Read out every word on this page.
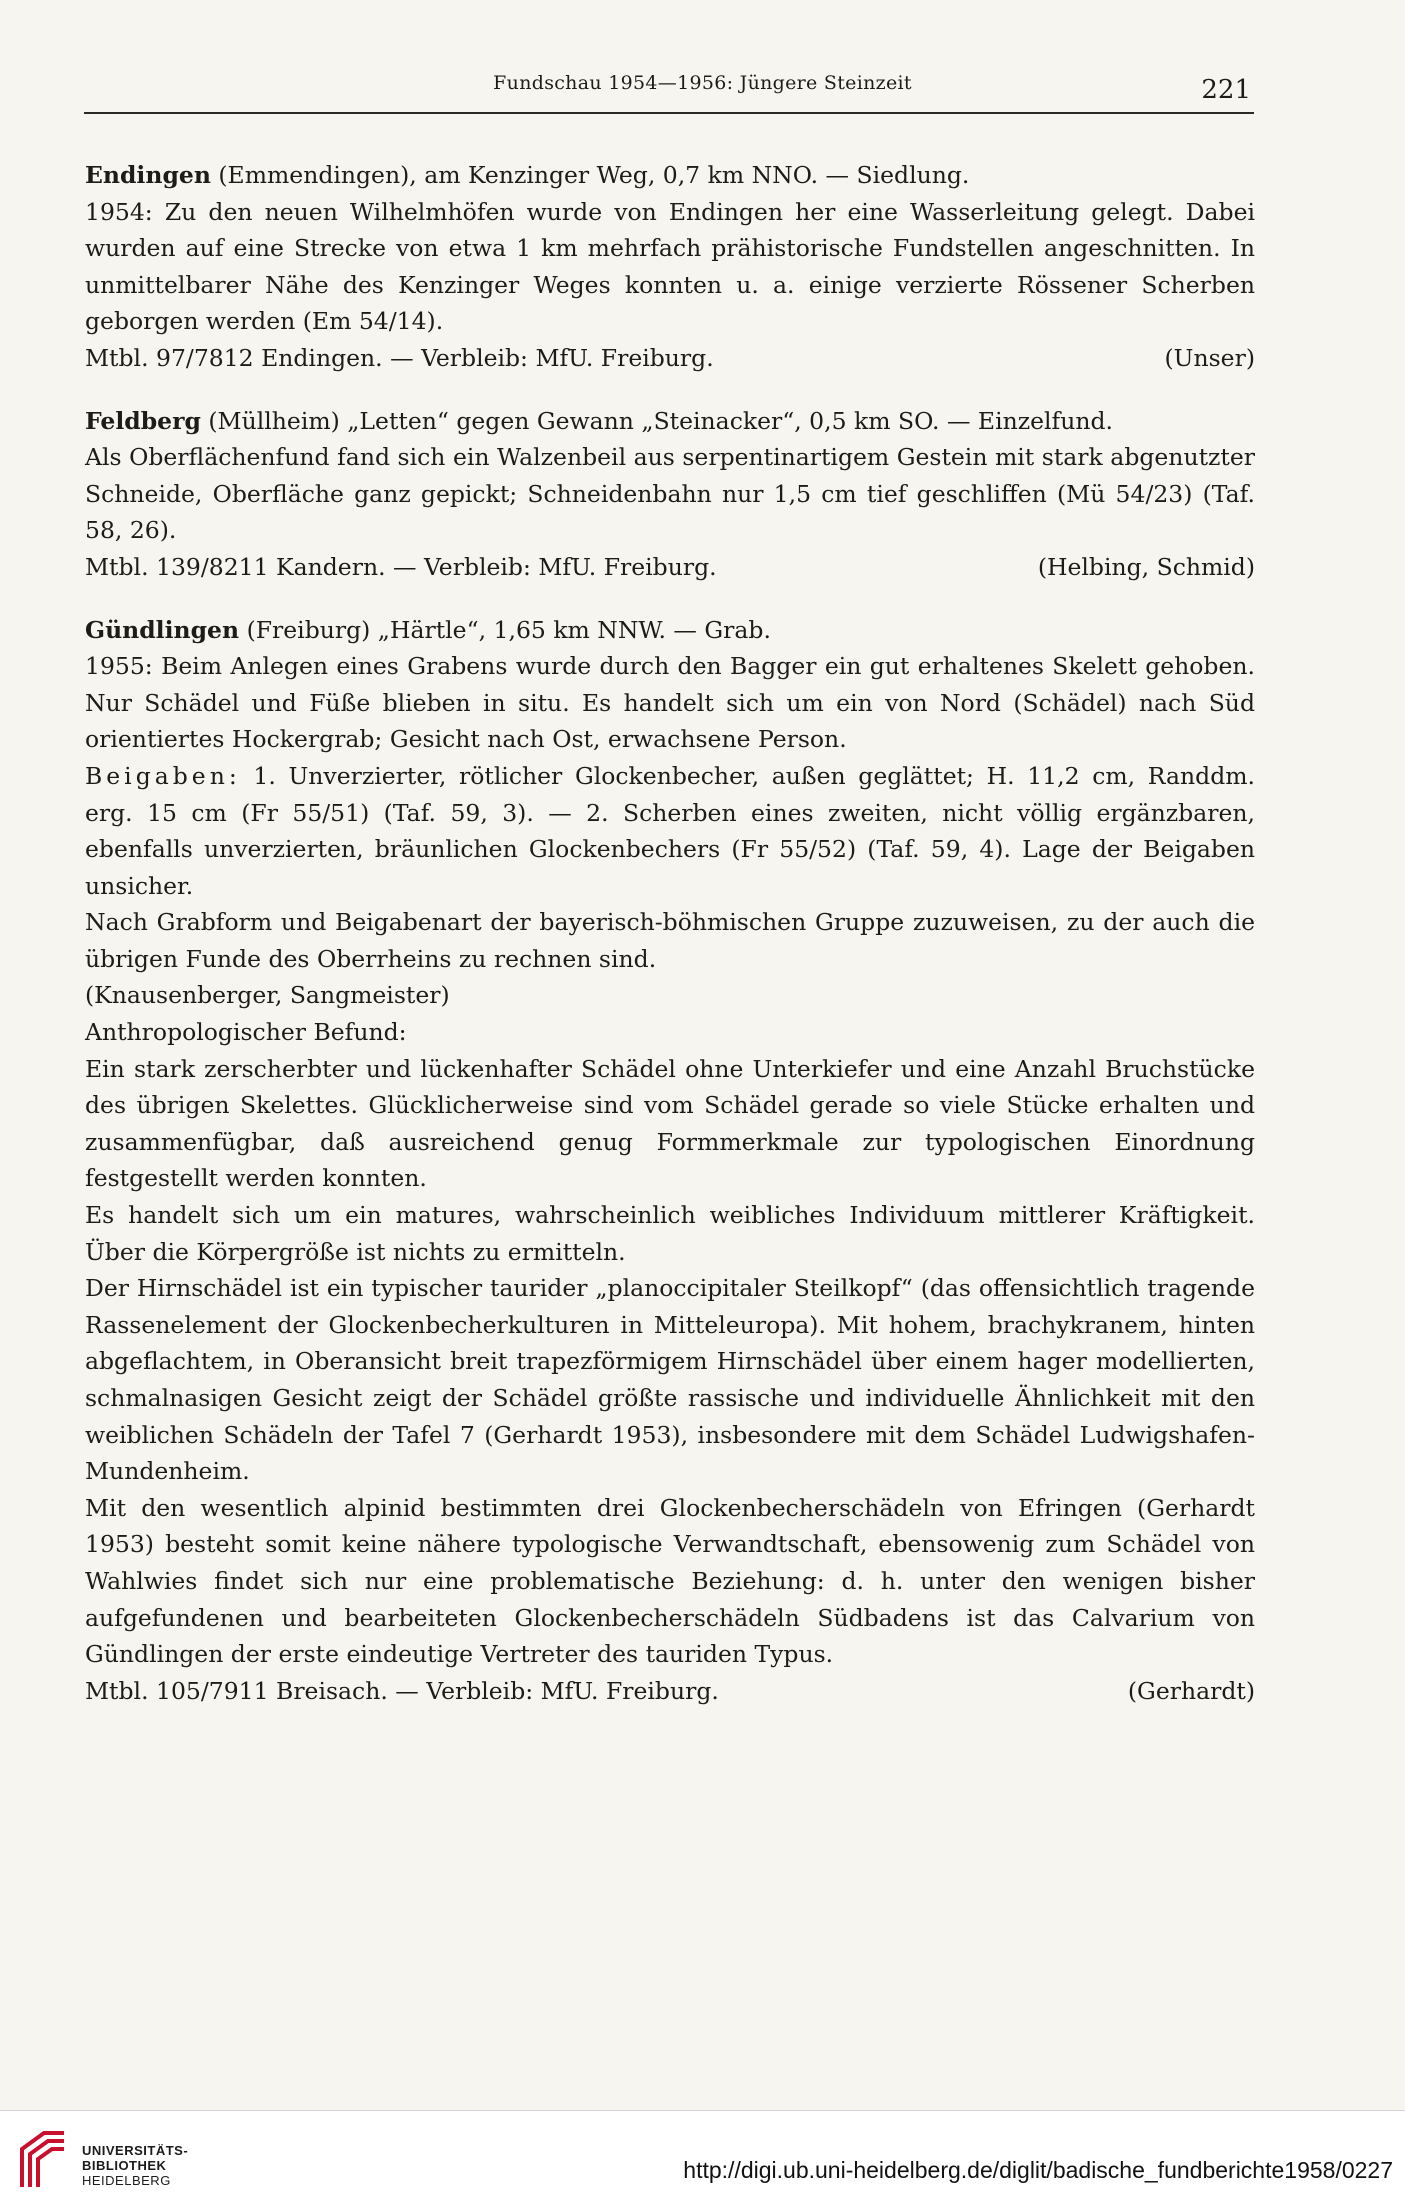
Fundschau 1954—1956: Jüngere Steinzeit	221

Endingen (Emmendingen), am Kenzinger Weg, 0,7 km NNO. — Siedlung.

1954: Zu den neuen Wilhelmhöfen wurde von Endingen her eine Wasserleitung gelegt. Dabei wurden auf eine Strecke von etwa 1 km mehrfach prähistorische Fundstellen angeschnitten. In unmittelbarer Nähe des Kenzinger Weges konnten u. a. einige verzierte Rössener Scherben geborgen werden (Em 54/14).

Mtbl. 97/7812 Endingen. — Verbleib: MfU. Freiburg.	(Unser)

Feldberg (Müllheim) „Letten“ gegen Gewann „Steinacker“, 0,5 km SO. — Einzelfund.

Als Oberflächenfund fand sich ein Walzenbeil aus serpentinartigem Gestein mit stark abgenutzter Schneide, Oberfläche ganz gepickt; Schneidenbahn nur 1,5 cm tief geschliffen (Mü 54/23) (Taf. 58, 26).

Mtbl. 139/8211 Kandern. — Verbleib: MfU. Freiburg.	(Helbing, Schmid)

Gündlingen (Freiburg) „Härtle“, 1,65 km NNW. — Grab.

1955: Beim Anlegen eines Grabens wurde durch den Bagger ein gut erhaltenes Skelett gehoben. Nur Schädel und Füße blieben in situ. Es handelt sich um ein von Nord (Schädel) nach Süd orientiertes Hockergrab; Gesicht nach Ost, erwachsene Person.

Beigaben: 1. Unverzierter, rötlicher Glockenbecher, außen geglättet; H. 11,2 cm, Randdm. erg. 15 cm (Fr 55/51) (Taf. 59, 3). — 2. Scherben eines zweiten, nicht völlig ergänzbaren, ebenfalls unverzierten, bräunlichen Glockenbechers (Fr 55/52) (Taf. 59, 4). Lage der Beigaben unsicher.

Nach Grabform und Beigabenart der bayerisch-böhmischen Gruppe zuzuweisen, zu der auch die übrigen Funde des Oberrheins zu rechnen sind.

(Knausenberger, Sangmeister)

Anthropologischer Befund:

Ein stark zerscherbter und lückenhafter Schädel ohne Unterkiefer und eine Anzahl Bruchstücke des übrigen Skelettes. Glücklicherweise sind vom Schädel gerade so viele Stücke erhalten und zusammenfügbar, daß ausreichend genug Formmerkmale zur typologischen Einordnung festgestellt werden konnten.

Es handelt sich um ein matures, wahrscheinlich weibliches Individuum mittlerer Kräftigkeit. Über die Körpergröße ist nichts zu ermitteln.

Der Hirnschädel ist ein typischer taurider „planoccipitaler Steilkopf“ (das offensichtlich tragende Rassenelement der Glockenbecherkulturen in Mitteleuropa). Mit hohem, brachykranem, hinten abgeflachtem, in Oberansicht breit trapezförmigem Hirnschädel über einem hager modellierten, schmalnasigen Gesicht zeigt der Schädel größte rassische und individuelle Ähnlichkeit mit den weiblichen Schädeln der Tafel 7 (Gerhardt 1953), insbesondere mit dem Schädel Ludwigshafen-Mundenheim.

Mit den wesentlich alpinid bestimmten drei Glockenbecherschädeln von Efringen (Gerhardt 1953) besteht somit keine nähere typologische Verwandtschaft, ebensowenig zum Schädel von Wahlwies findet sich nur eine problematische Beziehung: d. h. unter den wenigen bisher aufgefundenen und bearbeiteten Glockenbecherschädeln Südbadens ist das Calvarium von Gündlingen der erste eindeutige Vertreter des tauriden Typus.

Mtbl. 105/7911 Breisach. — Verbleib: MfU. Freiburg.	(Gerhardt)
UNIVERSITÄTS-
BIBLIOTHEK
HEIDELBERG	http://digi.ub.uni-heidelberg.de/diglit/badische_fundberichte1958/0227
